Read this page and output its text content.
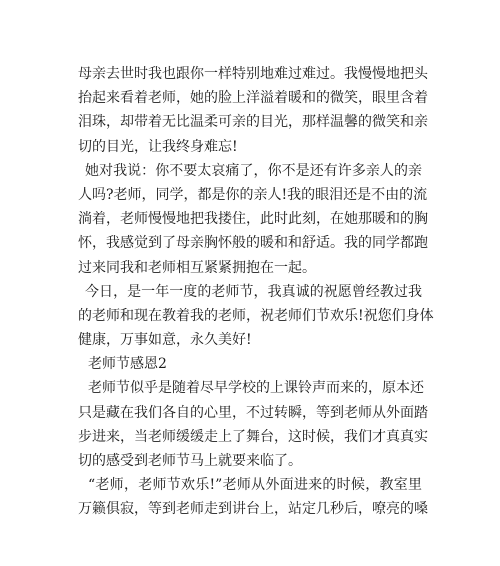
母亲去世时我也跟你一样特别地难过难过。我慢慢地把头
抬起来看着老师，她的脸上洋溢着暖和的微笑，眼里含着
泪珠，却带着无比温柔可亲的目光，那样温馨的微笑和亲
切的目光，让我终身难忘!
她对我说：你不要太哀痛了，你不是还有许多亲人的亲
人吗?老师，同学，都是你的亲人!我的眼泪还是不由的流
淌着，老师慢慢地把我搂住，此时此刻，在她那暖和的胸
怀，我感觉到了母亲胸怀般的暖和和舒适。我的同学都跑
过来同我和老师相互紧紧拥抱在一起。
今日，是一年一度的老师节，我真诚的祝愿曾经教过我
的老师和现在教着我的老师，祝老师们节欢乐!祝您们身体
健康，万事如意，永久美好!
老师节感恩2
老师节似乎是随着尽早学校的上课铃声而来的，原本还
只是藏在我们各自的心里，不过转瞬，等到老师从外面踏
步进来，当老师缓缓走上了舞台，这时候，我们才真真实
切的感受到老师节马上就要来临了。
“老师，老师节欢乐!”老师从外面进来的时候，教室里
万籁俱寂，等到老师走到讲台上，站定几秒后，嘹亮的嗓
